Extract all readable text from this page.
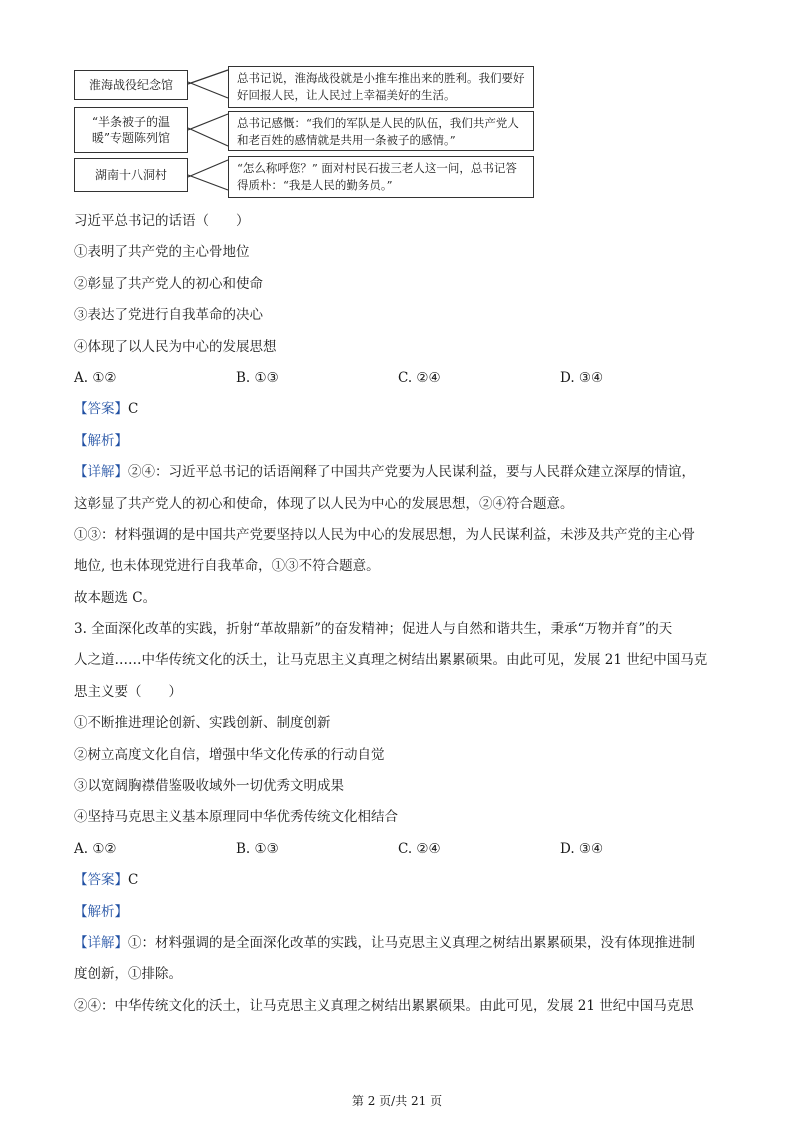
淮海战役纪念馆
“半条被子的温暖”专题陈列馆
湖南十八洞村
总书记说，淮海战役就是小推车推出来的胜利。我们要好好回报人民，让人民过上幸福美好的生活。
总书记感慨：“我们的军队是人民的队伍，我们共产党人和老百姓的感情就是共用一条被子的感情。”
“怎么称呼您？” 面对村民石拔三老人这一问，总书记答得质朴：“我是人民的勤务员。”
习近平总书记的话语（　　）
①表明了共产党的主心骨地位
②彰显了共产党人的初心和使命
③表达了党进行自我革命的决心
④体现了以人民为中心的发展思想
A. ①②	B. ①③	C. ②④	D. ③④
【答案】C
【解析】
【详解】②④：习近平总书记的话语阐释了中国共产党要为人民谋利益，要与人民群众建立深厚的情谊，
这彰显了共产党人的初心和使命，体现了以人民为中心的发展思想，②④符合题意。
①③：材料强调的是中国共产党要坚持以人民为中心的发展思想，为人民谋利益，未涉及共产党的主心骨
地位, 也未体现党进行自我革命，①③不符合题意。
故本题选 C。
3. 全面深化改革的实践，折射“革故鼎新”的奋发精神；促进人与自然和谐共生，秉承“万物并育”的天
人之道……中华传统文化的沃土，让马克思主义真理之树结出累累硕果。由此可见，发展 21 世纪中国马克
思主义要（　　）
①不断推进理论创新、实践创新、制度创新
②树立高度文化自信，增强中华文化传承的行动自觉
③以宽阔胸襟借鉴吸收域外一切优秀文明成果
④坚持马克思主义基本原理同中华优秀传统文化相结合
A. ①②	B. ①③	C. ②④	D. ③④
【答案】C
【解析】
【详解】①：材料强调的是全面深化改革的实践，让马克思主义真理之树结出累累硕果，没有体现推进制
度创新，①排除。
②④：中华传统文化的沃土，让马克思主义真理之树结出累累硕果。由此可见，发展 21 世纪中国马克思
第 2 页/共 21 页
